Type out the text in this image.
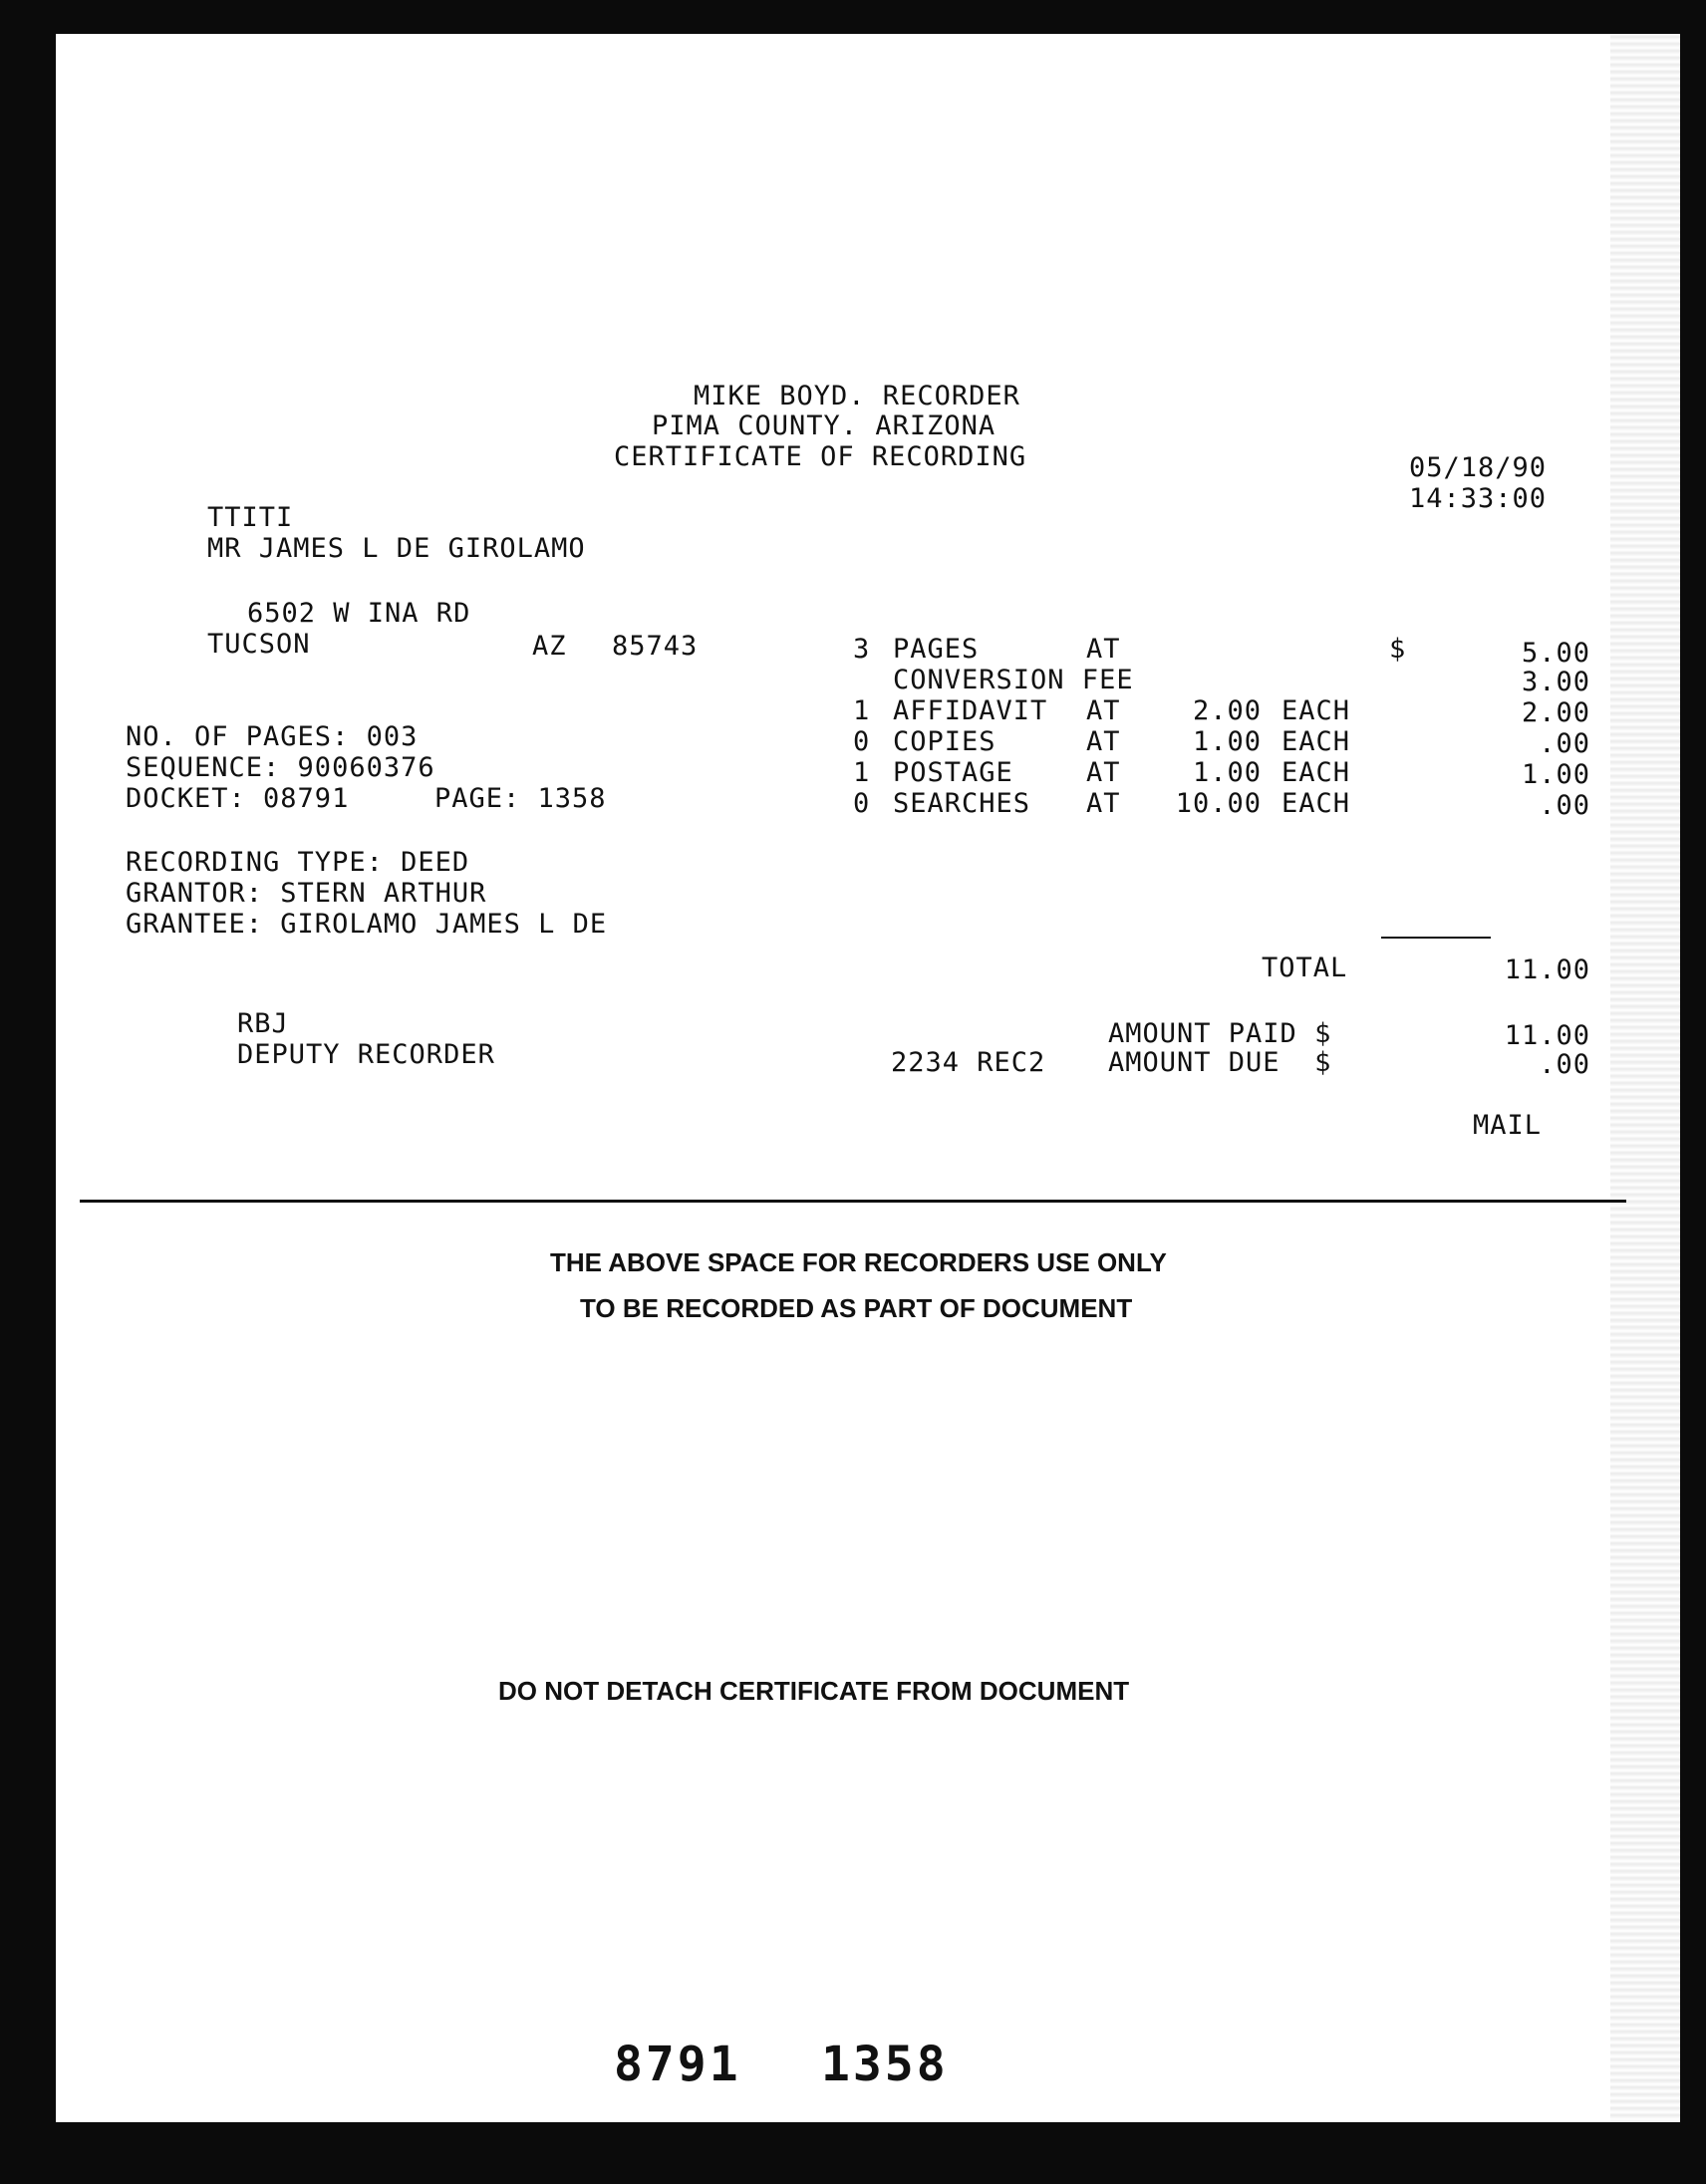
MIKE BOYD. RECORDER
PIMA COUNTY. ARIZONA
CERTIFICATE OF RECORDING	05/18/90
14:33:00
TTITI
MR JAMES L DE GIROLAMO
6502 W INA RD
TUCSON	AZ 85743
NO. OF PAGES: 003
SEQUENCE: 90060376
DOCKET: 08791	PAGE: 1358
RECORDING TYPE: DEED
GRANTOR: STERN ARTHUR
GRANTEE: GIROLAMO JAMES L DE
3 PAGES	AT	$	5.00
CONVERSION FEE	3.00
1 AFFIDAVIT AT	2.00 EACH	2.00
0 COPIES	AT	1.00 EACH	.00
1 POSTAGE	AT	1.00 EACH	1.00
0 SEARCHES AT	10.00 EACH	.00
TOTAL	11.00
RBJ
DEPUTY RECORDER
AMOUNT PAID $	11.00
2234 REC2 AMOUNT DUE  $	.00
MAIL
THE ABOVE SPACE FOR RECORDERS USE ONLY
TO BE RECORDED AS PART OF DOCUMENT
DO NOT DETACH CERTIFICATE FROM DOCUMENT
8791 1358
